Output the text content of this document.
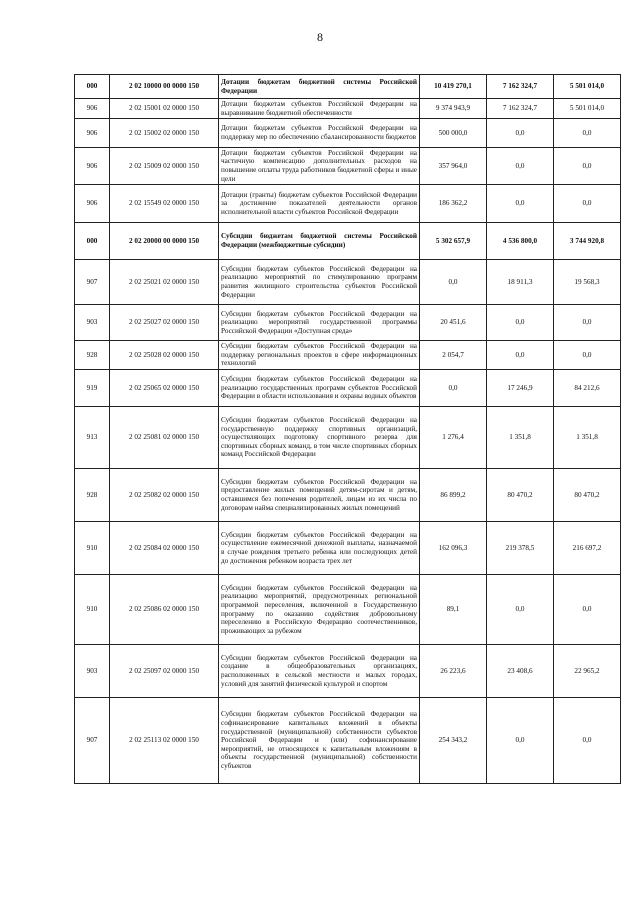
8
000	2 02 10000 00 0000 150	Дотации бюджетам бюджетной системы Российской Федерации	10 419 270,1	7 162 324,7	5 501 014,0
906	2 02 15001 02 0000 150	Дотации бюджетам субъектов Российской Федерации на выравнивание бюджетной обеспеченности	9 374 943,9	7 162 324,7	5 501 014,0
906	2 02 15002 02 0000 150	Дотации бюджетам субъектов Российской Федерации на поддержку мер по обеспечению сбалансированности бюджетов	500 000,0	0,0	0,0
906	2 02 15009 02 0000 150	Дотации бюджетам субъектов Российской Федерации на частичную компенсацию дополнительных расходов на повышение оплаты труда работников бюджетной сферы и иные цели	357 964,0	0,0	0,0
906	2 02 15549 02 0000 150	Дотации (гранты) бюджетам субъектов Российской Федерации за достижение показателей деятельности органов исполнительной власти субъектов Российской Федерации	186 362,2	0,0	0,0
000	2 02 20000 00 0000 150	Субсидии бюджетам бюджетной системы Российской Федерации (межбюджетные субсидии)	5 302 657,9	4 536 800,0	3 744 920,8
907	2 02 25021 02 0000 150	Субсидии бюджетам субъектов Российской Федерации на реализацию мероприятий по стимулированию программ развития жилищного строительства субъектов Российской Федерации	0,0	18 911,3	19 568,3
903	2 02 25027 02 0000 150	Субсидии бюджетам субъектов Российской Федерации на реализацию мероприятий государственной программы Российской Федерации «Доступная среда»	20 451,6	0,0	0,0
928	2 02 25028 02 0000 150	Субсидии бюджетам субъектов Российской Федерации на поддержку региональных проектов в сфере информационных технологий	2 054,7	0,0	0,0
919	2 02 25065 02 0000 150	Субсидии бюджетам субъектов Российской Федерации на реализацию государственных программ субъектов Российской Федерации в области использования и охраны водных объектов	0,0	17 246,9	84 212,6
913	2 02 25081 02 0000 150	Субсидии бюджетам субъектов Российской Федерации на государственную поддержку спортивных организаций, осуществляющих подготовку спортивного резерва для спортивных сборных команд, в том числе спортивных сборных команд Российской Федерации	1 276,4	1 351,8	1 351,8
928	2 02 25082 02 0000 150	Субсидии бюджетам субъектов Российской Федерации на предоставление жилых помещений детям-сиротам и детям, оставшимся без попечения родителей, лицам из их числа по договорам найма специализированных жилых помещений	86 899,2	80 470,2	80 470,2
910	2 02 25084 02 0000 150	Субсидии бюджетам субъектов Российской Федерации на осуществление ежемесячной денежной выплаты, назначаемой в случае рождения третьего ребенка или последующих детей до достижения ребенком возраста трех лет	162 096,3	219 378,5	216 697,2
910	2 02 25086 02 0000 150	Субсидии бюджетам субъектов Российской Федерации на реализацию мероприятий, предусмотренных региональной программой переселения, включенной в Государственную программу по оказанию содействия добровольному переселению в Российскую Федерацию соотечественников, проживающих за рубежом	89,1	0,0	0,0
903	2 02 25097 02 0000 150	Субсидии бюджетам субъектов Российской Федерации на создание в общеобразовательных организациях, расположенных в сельской местности и малых городах, условий для занятий физической культурой и спортом	26 223,6	23 408,6	22 965,2
907	2 02 25113 02 0000 150	Субсидии бюджетам субъектов Российской Федерации на софинансирование капитальных вложений в объекты государственной (муниципальной) собственности субъектов Российской Федерации и (или) софинансирование мероприятий, не относящихся к капитальным вложениям в объекты государственной (муниципальной) собственности субъектов	254 343,2	0,0	0,0
